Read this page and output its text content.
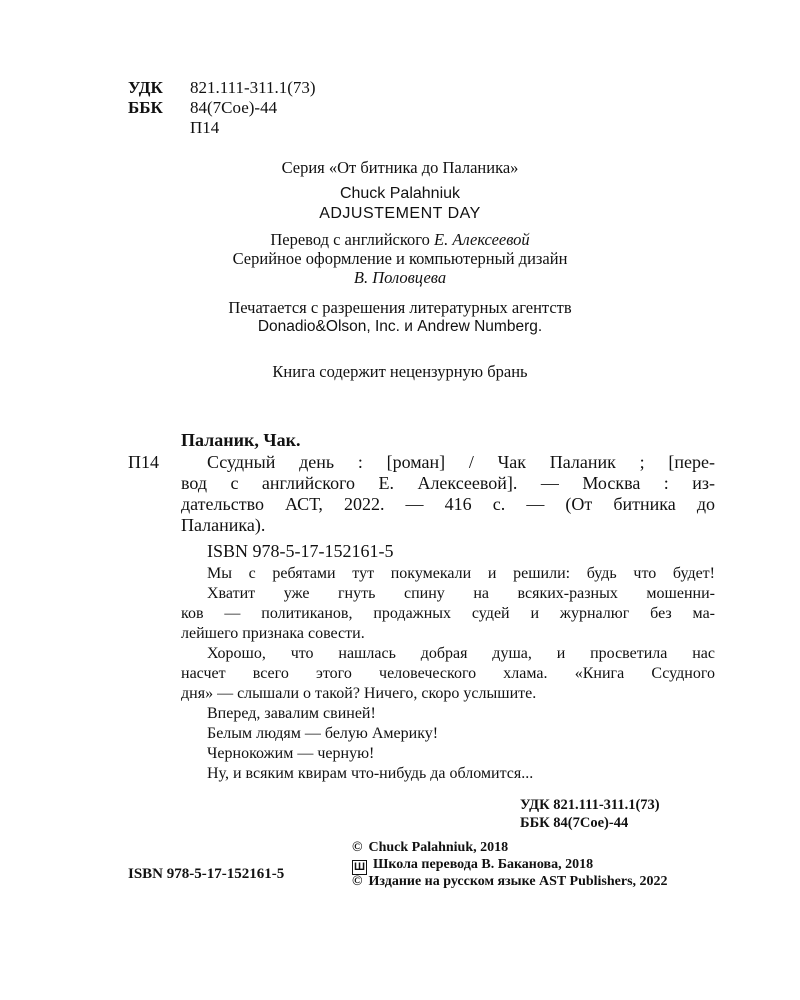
УДК 821.111-311.1(73)
ББК 84(7Сое)-44
П14
Серия «От битника до Паланика»
Chuck Palahniuk
ADJUSTEMENT DAY
Перевод с английского Е. Алексеевой
Серийное оформление и компьютерный дизайн
В. Половцева
Печатается с разрешения литературных агентств
Donadio&Olson, Inc. и Andrew Numberg.
Книга содержит нецензурную брань
Паланик, Чак.
П14	Ссудный день : [роман] / Чак Паланик ; [пере-
вод с английского Е. Алексеевой]. — Москва : из-
дательство АСТ, 2022. — 416 с. — (От битника до
Паланика).
ISBN 978-5-17-152161-5
Мы с ребятами тут покумекали и решили: будь что будет!
Хватит уже гнуть спину на всяких-разных мошенни-
ков — политиканов, продажных судей и журналюг без ма-
лейшего признака совести.
Хорошо, что нашлась добрая душа, и просветила нас
насчет всего этого человеческого хлама. «Книга Ссудного
дня» — слышали о такой? Ничего, скоро услышите.
Вперед, завалим свиней!
Белым людям — белую Америку!
Чернокожим — черную!
Ну, и всяким квирам что-нибудь да обломится...
УДК 821.111-311.1(73)
ББК 84(7Сое)-44
© Chuck Palahniuk, 2018
Ш Школа перевода В. Баканова, 2018
ISBN 978-5-17-152161-5	© Издание на русском языке AST Publishers, 2022
